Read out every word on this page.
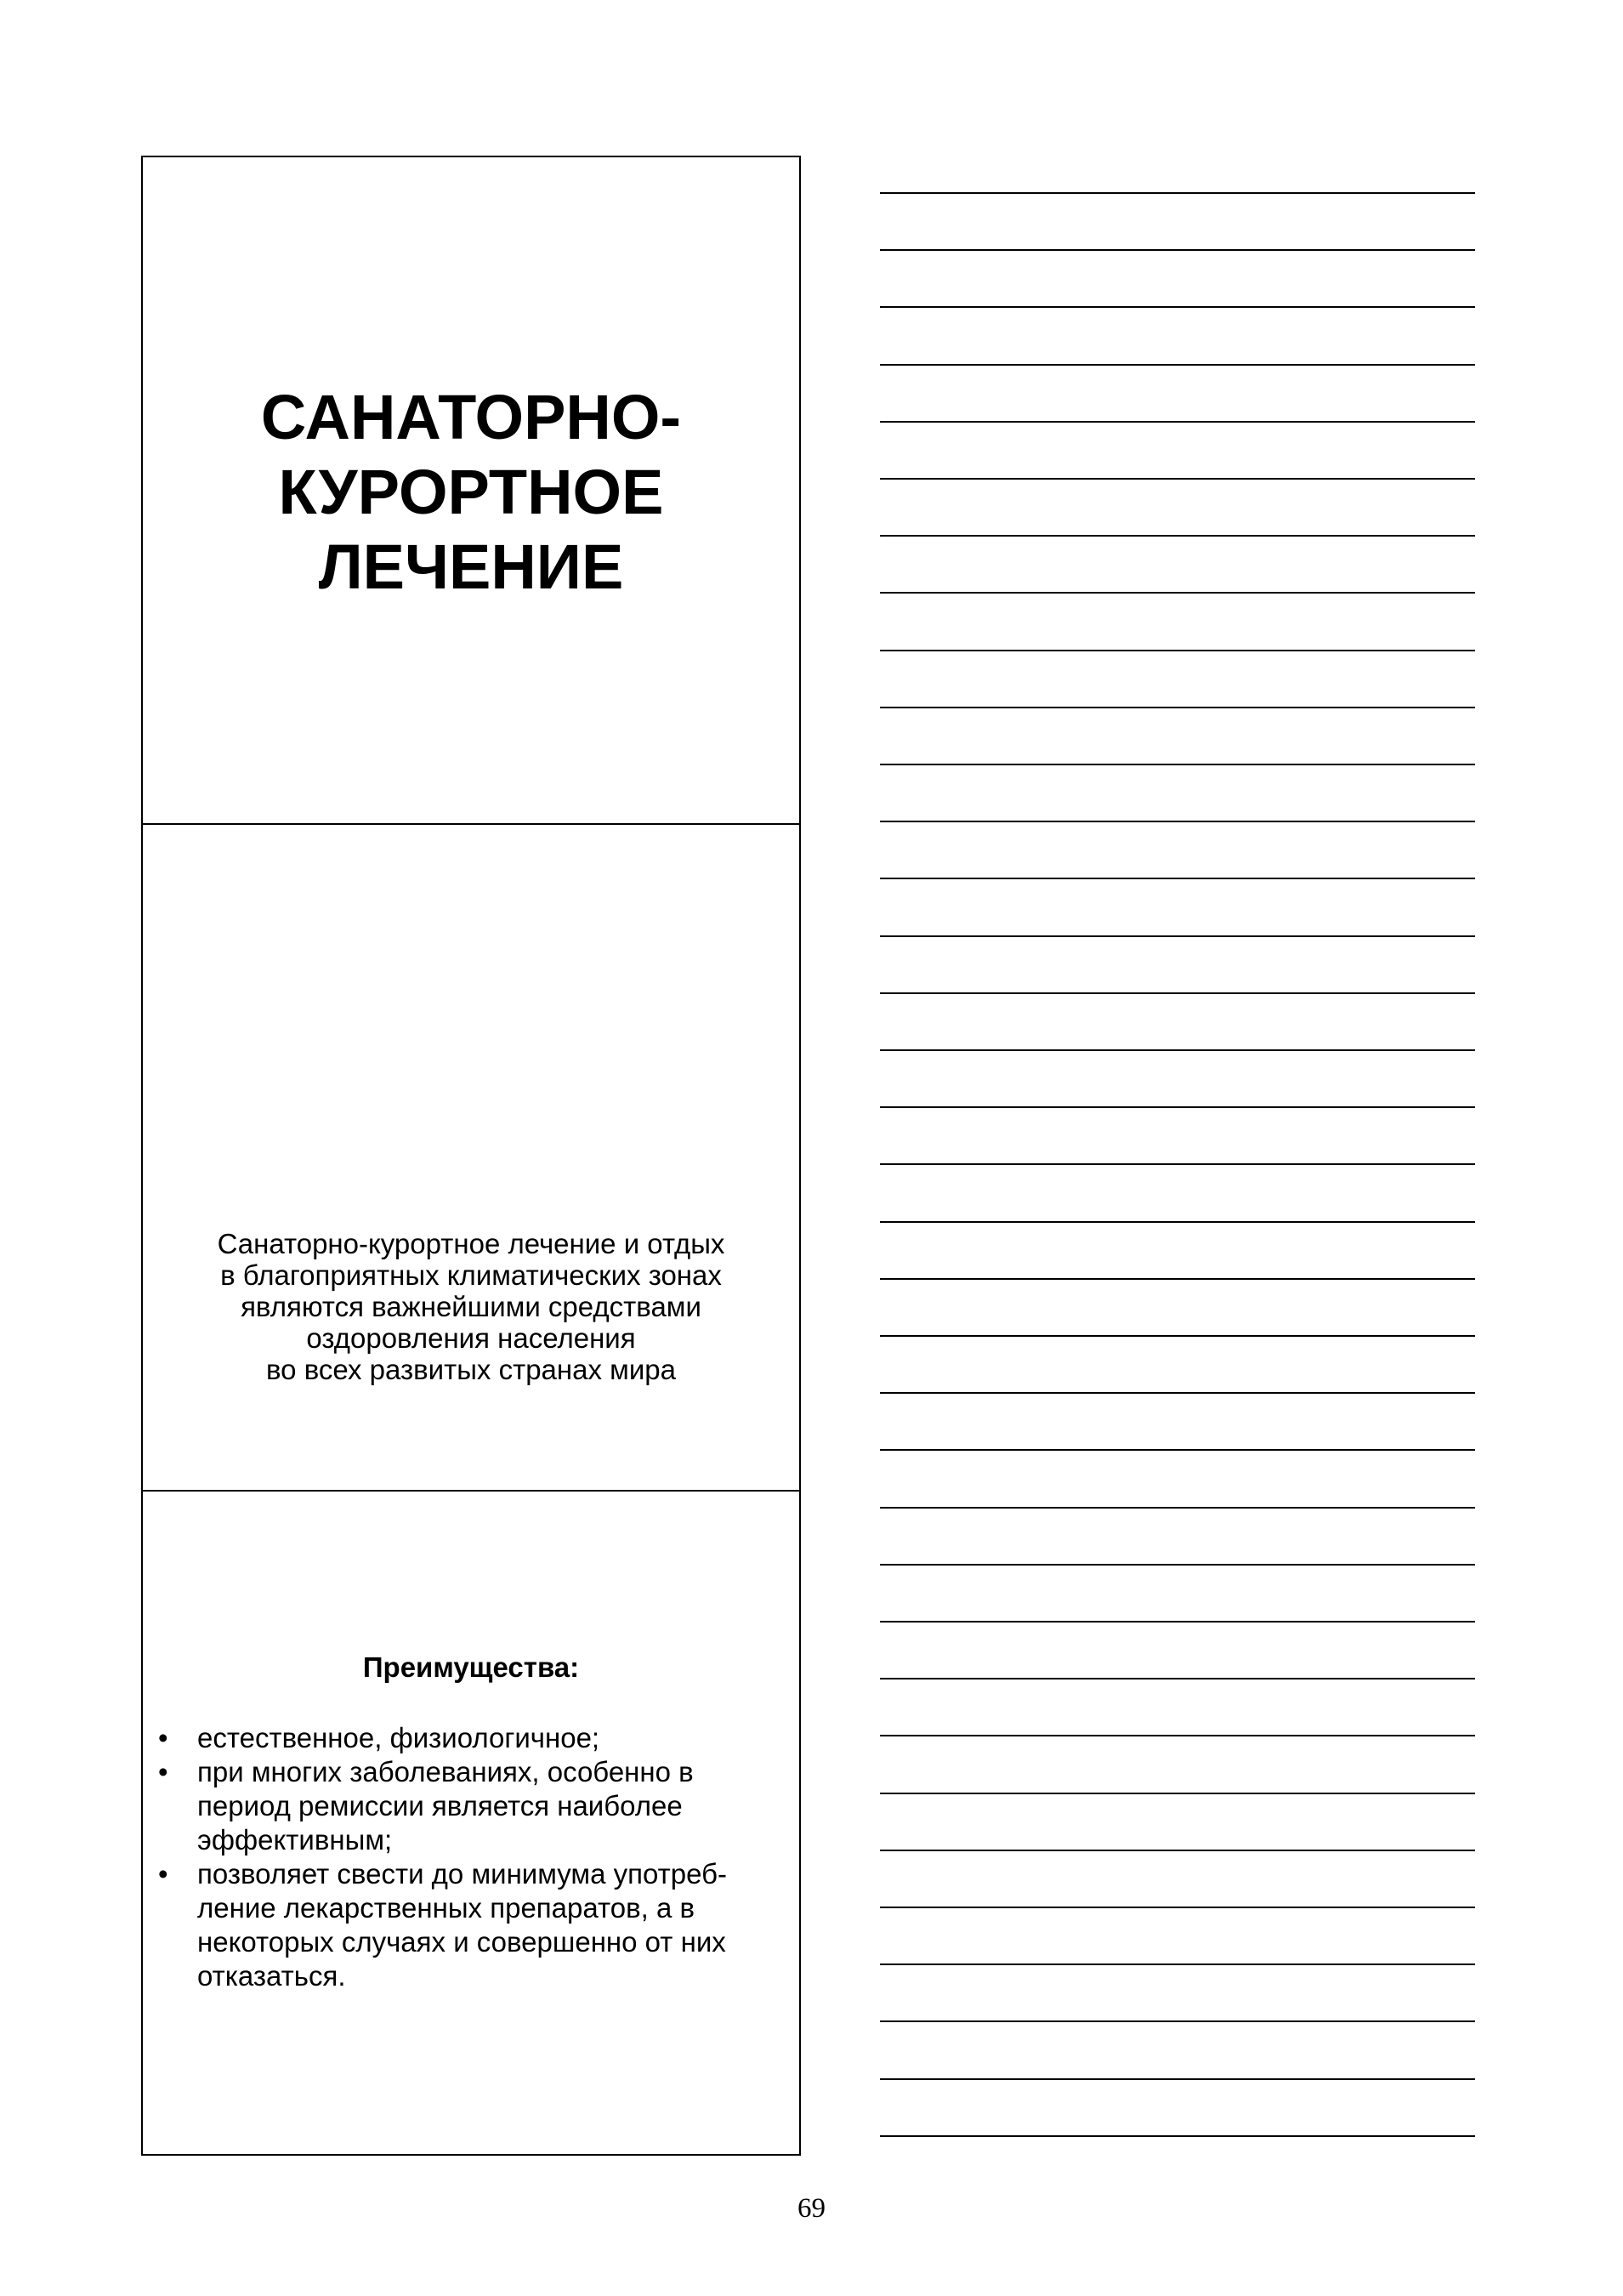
САНАТОРНО-
КУРОРТНОЕ
ЛЕЧЕНИЕ
Санаторно-курортное лечение и отдых
в благоприятных климатических зонах
являются важнейшими средствами
оздоровления населения
во всех развитых странах мира
Преимущества:
• естественное, физиологичное;
• при многих заболеваниях, особенно в
период ремиссии является наиболее
эффективным;
• позволяет свести до минимума употреб-
ление лекарственных препаратов, а в
некоторых случаях и совершенно от них
отказаться.
69
